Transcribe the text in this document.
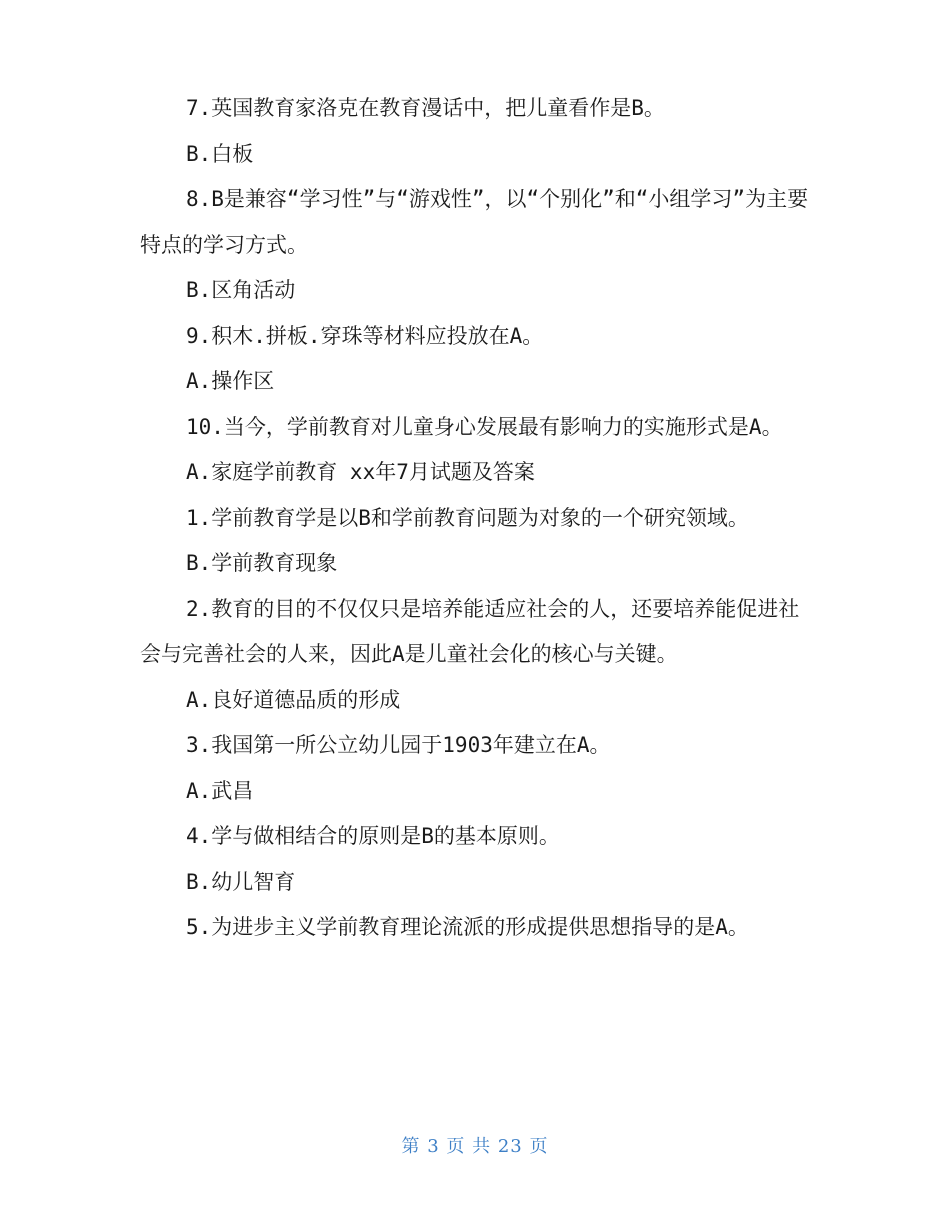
7.英国教育家洛克在教育漫话中，把儿童看作是B。

B.白板

8.B是兼容“学习性”与“游戏性”，以“个别化”和“小组学习”为主要特点的学习方式。

B.区角活动

9.积木.拼板.穿珠等材料应投放在A。

A.操作区

10.当今，学前教育对儿童身心发展最有影响力的实施形式是A。

A.家庭学前教育 xx年7月试题及答案

1.学前教育学是以B和学前教育问题为对象的一个研究领域。

B.学前教育现象

2.教育的目的不仅仅只是培养能适应社会的人，还要培养能促进社会与完善社会的人来，因此A是儿童社会化的核心与关键。

A.良好道德品质的形成

3.我国第一所公立幼儿园于1903年建立在A。

A.武昌

4.学与做相结合的原则是B的基本原则。

B.幼儿智育

5.为进步主义学前教育理论流派的形成提供思想指导的是A。

第 3 页 共 23 页
